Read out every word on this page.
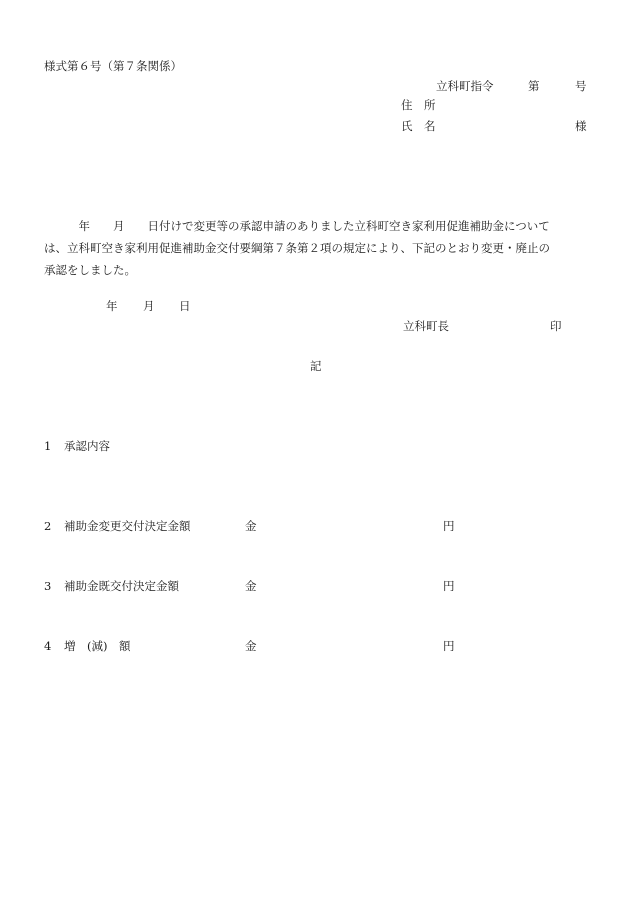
様式第６号（第７条関係）
立科町指令	第	号
住　所
氏　名	様
　　　年　　月　　日付けで変更等の承認申請のありました立科町空き家利用促進補助金について
は、立科町空き家利用促進補助金交付要綱第７条第２項の規定により、下記のとおり変更・廃止の
承認をしました。
年 月 日
立科町長	印
記
1 承認内容
2 補助金変更交付決定金額	金	円
3 補助金既交付決定金額	金	円
4 増　(減)　額	金	円
